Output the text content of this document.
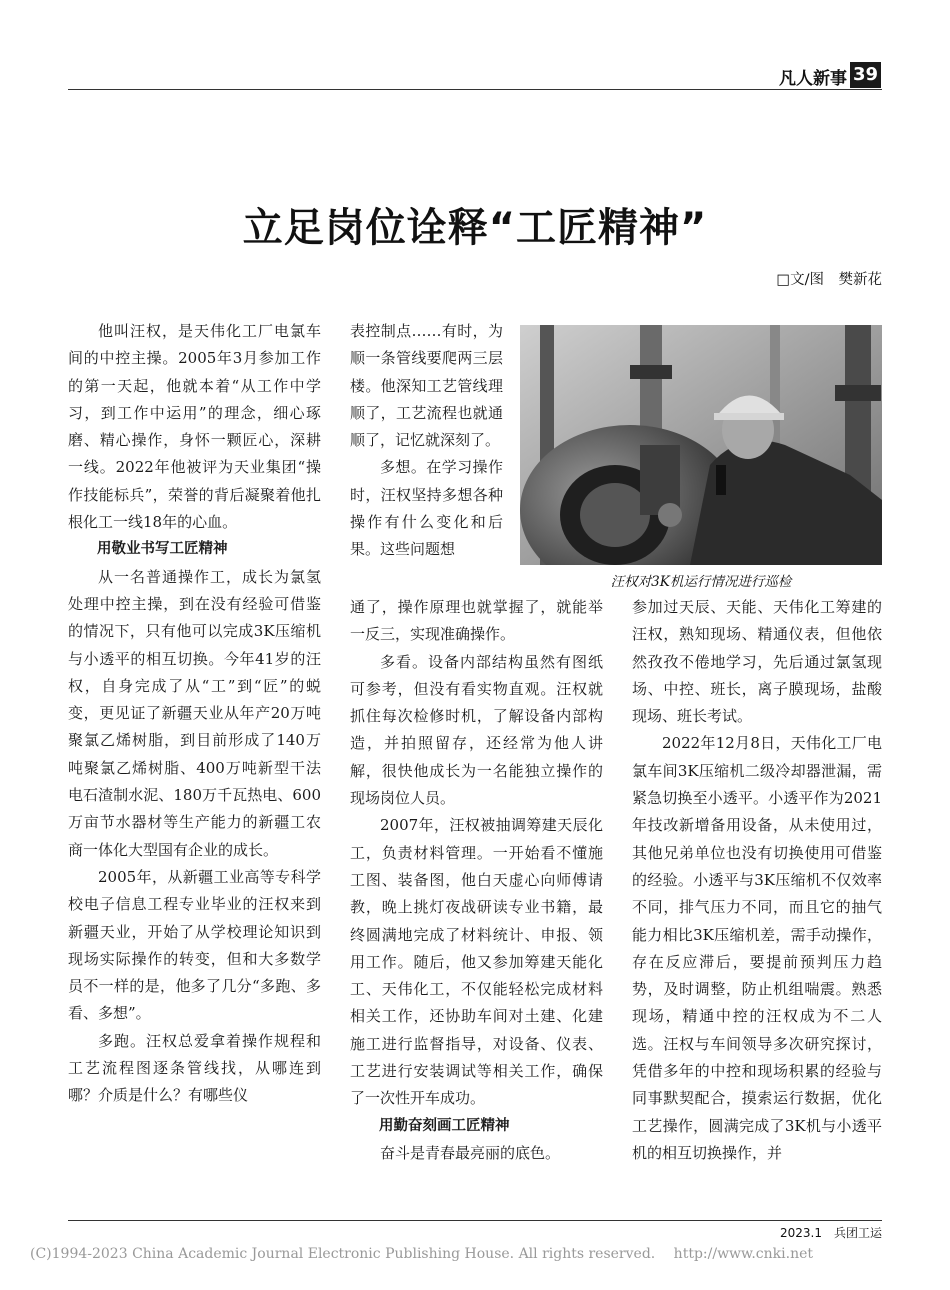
凡人新事 39
立足岗位诠释“工匠精神”
□文/图　樊新花

他叫汪权，是天伟化工厂电氯车间的中控主操。2005年3月参加工作的第一天起，他就本着“从工作中学习，到工作中运用”的理念，细心琢磨、精心操作，身怀一颗匠心，深耕一线。2022年他被评为天业集团“操作技能标兵”，荣誉的背后凝聚着他扎根化工一线18年的心血。

用敬业书写工匠精神

从一名普通操作工，成长为氯氢处理中控主操，到在没有经验可借鉴的情况下，只有他可以完成3K压缩机与小透平的相互切换。今年41岁的汪权，自身完成了从“工”到“匠”的蜕变，更见证了新疆天业从年产20万吨聚氯乙烯树脂，到目前形成了140万吨聚氯乙烯树脂、400万吨新型干法电石渣制水泥、180万千瓦热电、600万亩节水器材等生产能力的新疆工农商一体化大型国有企业的成长。

2005年，从新疆工业高等专科学校电子信息工程专业毕业的汪权来到新疆天业，开始了从学校理论知识到现场实际操作的转变，但和大多数学员不一样的是，他多了几分“多跑、多看、多想”。

多跑。汪权总爱拿着操作规程和工艺流程图逐条管线找，从哪连到哪？介质是什么？有哪些仪

表控制点……有时，为顺一条管线要爬两三层楼。他深知工艺管线理顺了，工艺流程也就通顺了，记忆就深刻了。

多想。在学习操作时，汪权坚持多想各种操作有什么变化和后果。这些问题想

汪权对3K机运行情况进行巡检

通了，操作原理也就掌握了，就能举一反三，实现准确操作。

多看。设备内部结构虽然有图纸可参考，但没有看实物直观。汪权就抓住每次检修时机，了解设备内部构造，并拍照留存，还经常为他人讲解，很快他成长为一名能独立操作的现场岗位人员。

2007年，汪权被抽调筹建天辰化工，负责材料管理。一开始看不懂施工图、装备图，他白天虚心向师傅请教，晚上挑灯夜战研读专业书籍，最终圆满地完成了材料统计、申报、领用工作。随后，他又参加筹建天能化工、天伟化工，不仅能轻松完成材料相关工作，还协助车间对土建、化建施工进行监督指导，对设备、仪表、工艺进行安装调试等相关工作，确保了一次性开车成功。

用勤奋刻画工匠精神

奋斗是青春最亮丽的底色。

参加过天辰、天能、天伟化工筹建的汪权，熟知现场、精通仪表，但他依然孜孜不倦地学习，先后通过氯氢现场、中控、班长，离子膜现场，盐酸现场、班长考试。

2022年12月8日，天伟化工厂电氯车间3K压缩机二级冷却器泄漏，需紧急切换至小透平。小透平作为2021年技改新增备用设备，从未使用过，其他兄弟单位也没有切换使用可借鉴的经验。小透平与3K压缩机不仅效率不同，排气压力不同，而且它的抽气能力相比3K压缩机差，需手动操作，存在反应滞后，要提前预判压力趋势，及时调整，防止机组喘震。熟悉现场，精通中控的汪权成为不二人选。汪权与车间领导多次研究探讨，凭借多年的中控和现场积累的经验与同事默契配合，摸索运行数据，优化工艺操作，圆满完成了3K机与小透平机的相互切换操作，并

2023.1　兵团工运
(C)1994-2023 China Academic Journal Electronic Publishing House. All rights reserved.　 http://www.cnki.net
